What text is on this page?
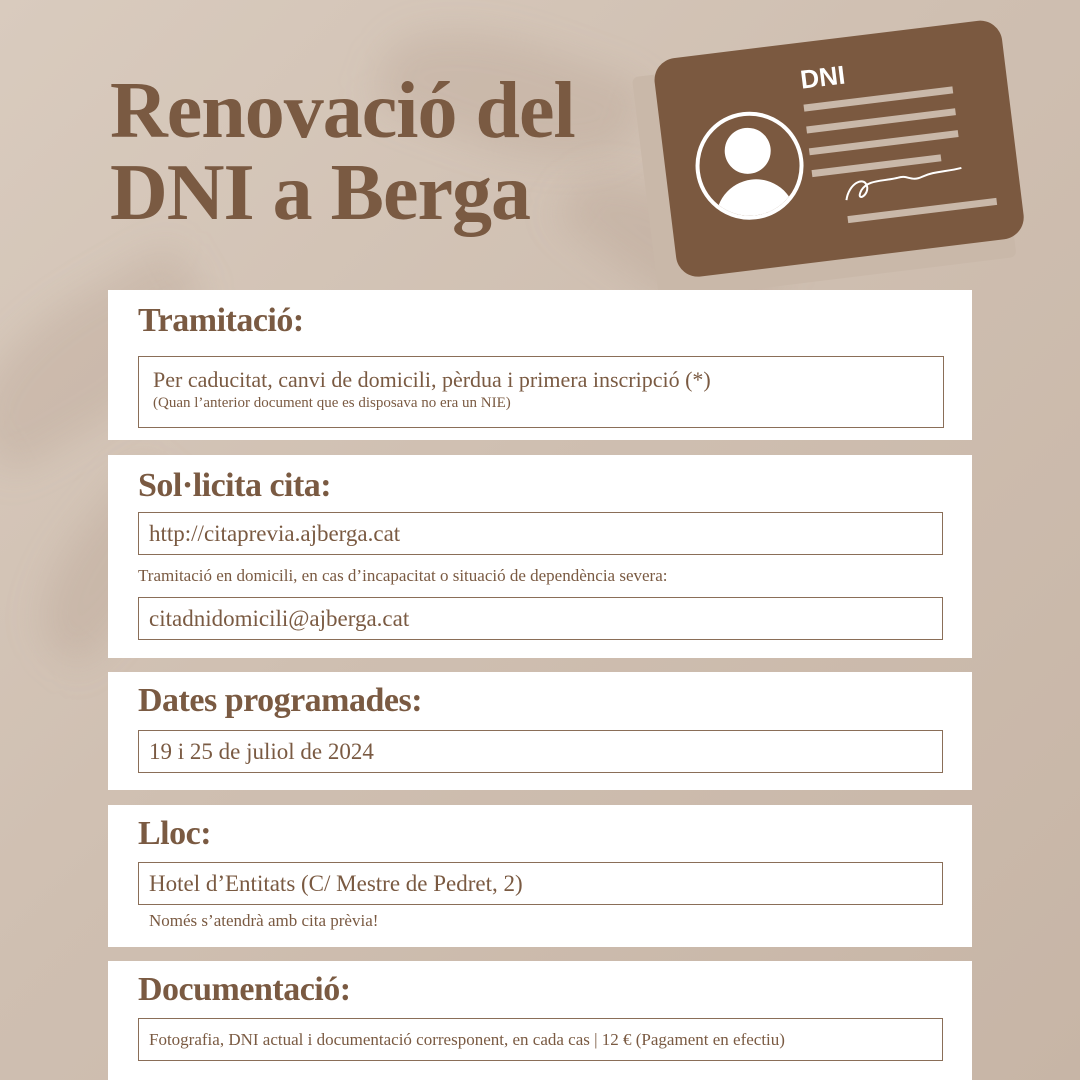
Renovació del
DNI a Berga
DNI
Tramitació:
Per caducitat, canvi de domicili, pèrdua i primera inscripció (*)
(Quan l’anterior document que es disposava no era un NIE)
Sol·licita cita:
http://citaprevia.ajberga.cat
Tramitació en domicili, en cas d’incapacitat o situació de dependència severa:
citadnidomicili@ajberga.cat
Dates programades:
19 i 25 de juliol de 2024
Lloc:
Hotel d’Entitats (C/ Mestre de Pedret, 2)
Només s’atendrà amb cita prèvia!
Documentació:
Fotografia, DNI actual i documentació corresponent, en cada cas | 12 € (Pagament en efectiu)
